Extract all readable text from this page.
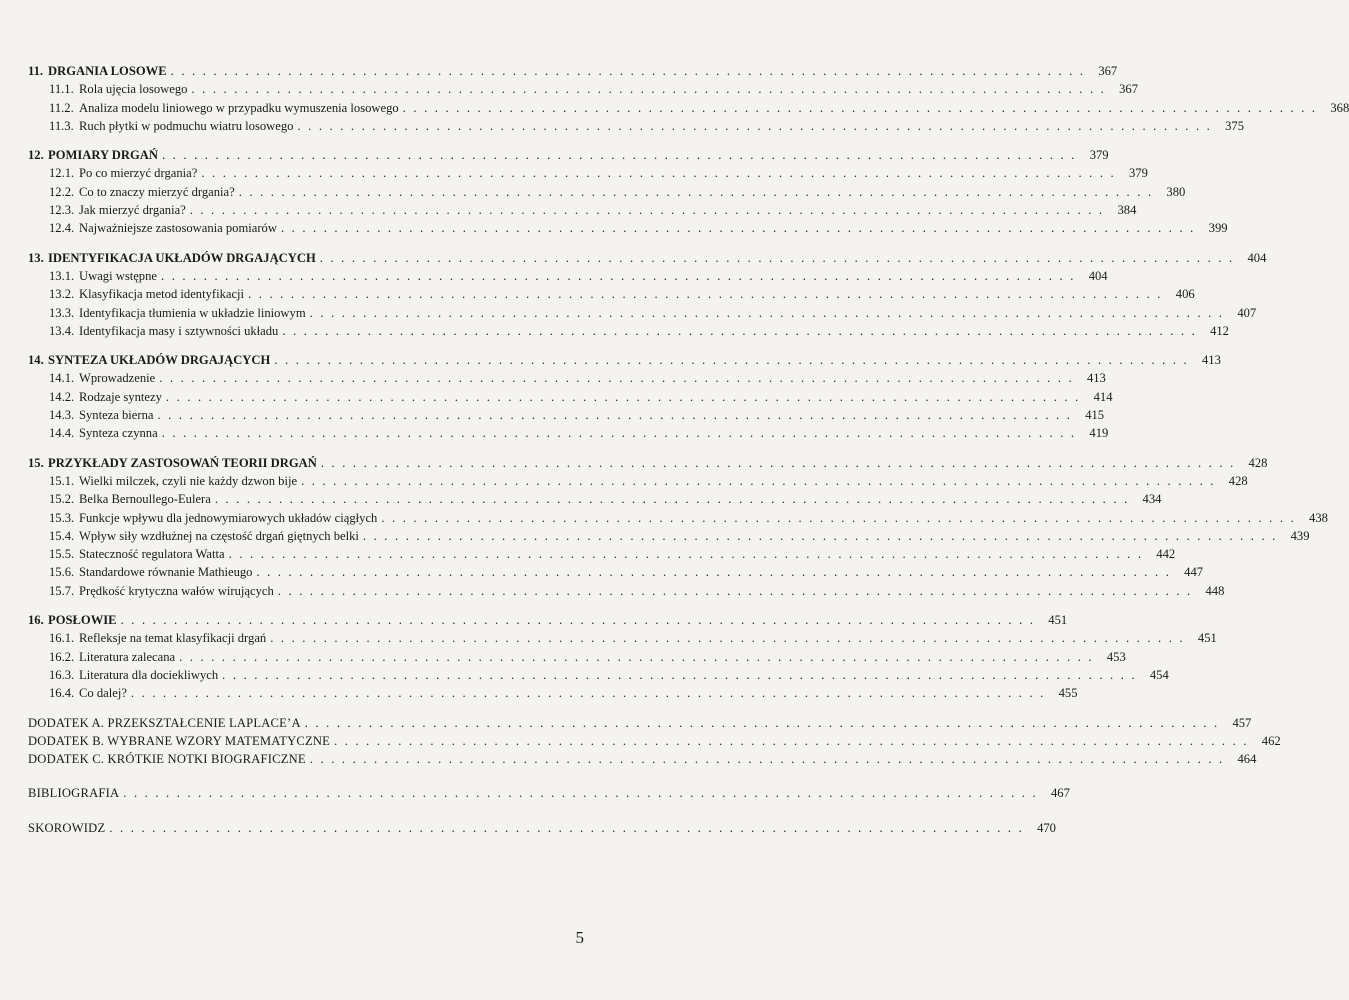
11. DRGANIA LOSOWE . . . . . . . . . . . . . . . . . . . . . . . . . . . . . . . . . . . . . . . . . . . . . . . . . . . . . . . . . . . . . . . . . . . . . . . . . . . . . . . . . . . . . .	367
11.1. Rola ujęcia losowego . . . . . . . . . . . . . . . . . . . . . . . . . . . . . . . . . . . . . . . . . . . . . . . . . . . . . . . . . . . . . . . . . . . . . . . . . . . . . . . . . . . . . .	367
11.2. Analiza modelu liniowego w przypadku wymuszenia losowego . . . . . . . . . . . . . . . . . . . . . . . . . . . . . . . . . . . . . . . . . . . . . . . . . . . . . . . . . . . . . . . . . . . . . . . . . . . . . . . . . . . . . .	368
11.3. Ruch płytki w podmuchu wiatru losowego . . . . . . . . . . . . . . . . . . . . . . . . . . . . . . . . . . . . . . . . . . . . . . . . . . . . . . . . . . . . . . . . . . . . . . . . . . . . . . . . . . . . . .	375
12. POMIARY DRGAŃ . . . . . . . . . . . . . . . . . . . . . . . . . . . . . . . . . . . . . . . . . . . . . . . . . . . . . . . . . . . . . . . . . . . . . . . . . . . . . . . . . . . . . .	379
12.1. Po co mierzyć drgania? . . . . . . . . . . . . . . . . . . . . . . . . . . . . . . . . . . . . . . . . . . . . . . . . . . . . . . . . . . . . . . . . . . . . . . . . . . . . . . . . . . . . . .	379
12.2. Co to znaczy mierzyć drgania? . . . . . . . . . . . . . . . . . . . . . . . . . . . . . . . . . . . . . . . . . . . . . . . . . . . . . . . . . . . . . . . . . . . . . . . . . . . . . . . . . . . . . .	380
12.3. Jak mierzyć drgania? . . . . . . . . . . . . . . . . . . . . . . . . . . . . . . . . . . . . . . . . . . . . . . . . . . . . . . . . . . . . . . . . . . . . . . . . . . . . . . . . . . . . . .	384
12.4. Najważniejsze zastosowania pomiarów . . . . . . . . . . . . . . . . . . . . . . . . . . . . . . . . . . . . . . . . . . . . . . . . . . . . . . . . . . . . . . . . . . . . . . . . . . . . . . . . . . . . . .	399
13. IDENTYFIKACJA UKŁADÓW DRGAJĄCYCH . . . . . . . . . . . . . . . . . . . . . . . . . . . . . . . . . . . . . . . . . . . . . . . . . . . . . . . . . . . . . . . . . . . . . . . . . . . . . . . . . . . . . .	404
13.1. Uwagi wstępne . . . . . . . . . . . . . . . . . . . . . . . . . . . . . . . . . . . . . . . . . . . . . . . . . . . . . . . . . . . . . . . . . . . . . . . . . . . . . . . . . . . . . .	404
13.2. Klasyfikacja metod identyfikacji . . . . . . . . . . . . . . . . . . . . . . . . . . . . . . . . . . . . . . . . . . . . . . . . . . . . . . . . . . . . . . . . . . . . . . . . . . . . . . . . . . . . . .	406
13.3. Identyfikacja tłumienia w układzie liniowym . . . . . . . . . . . . . . . . . . . . . . . . . . . . . . . . . . . . . . . . . . . . . . . . . . . . . . . . . . . . . . . . . . . . . . . . . . . . . . . . . . . . . .	407
13.4. Identyfikacja masy i sztywności układu . . . . . . . . . . . . . . . . . . . . . . . . . . . . . . . . . . . . . . . . . . . . . . . . . . . . . . . . . . . . . . . . . . . . . . . . . . . . . . . . . . . . . .	412
14. SYNTEZA UKŁADÓW DRGAJĄCYCH . . . . . . . . . . . . . . . . . . . . . . . . . . . . . . . . . . . . . . . . . . . . . . . . . . . . . . . . . . . . . . . . . . . . . . . . . . . . . . . . . . . . . .	413
14.1. Wprowadzenie . . . . . . . . . . . . . . . . . . . . . . . . . . . . . . . . . . . . . . . . . . . . . . . . . . . . . . . . . . . . . . . . . . . . . . . . . . . . . . . . . . . . . .	413
14.2. Rodzaje syntezy . . . . . . . . . . . . . . . . . . . . . . . . . . . . . . . . . . . . . . . . . . . . . . . . . . . . . . . . . . . . . . . . . . . . . . . . . . . . . . . . . . . . . .	414
14.3. Synteza bierna . . . . . . . . . . . . . . . . . . . . . . . . . . . . . . . . . . . . . . . . . . . . . . . . . . . . . . . . . . . . . . . . . . . . . . . . . . . . . . . . . . . . . .	415
14.4. Synteza czynna . . . . . . . . . . . . . . . . . . . . . . . . . . . . . . . . . . . . . . . . . . . . . . . . . . . . . . . . . . . . . . . . . . . . . . . . . . . . . . . . . . . . . .	419
15. PRZYKŁADY ZASTOSOWAŃ TEORII DRGAŃ . . . . . . . . . . . . . . . . . . . . . . . . . . . . . . . . . . . . . . . . . . . . . . . . . . . . . . . . . . . . . . . . . . . . . . . . . . . . . . . . . . . . . .	428
15.1. Wielki milczek, czyli nie każdy dzwon bije . . . . . . . . . . . . . . . . . . . . . . . . . . . . . . . . . . . . . . . . . . . . . . . . . . . . . . . . . . . . . . . . . . . . . . . . . . . . . . . . . . . . . .	428
15.2. Belka Bernoullego-Eulera . . . . . . . . . . . . . . . . . . . . . . . . . . . . . . . . . . . . . . . . . . . . . . . . . . . . . . . . . . . . . . . . . . . . . . . . . . . . . . . . . . . . . .	434
15.3. Funkcje wpływu dla jednowymiarowych układów ciągłych . . . . . . . . . . . . . . . . . . . . . . . . . . . . . . . . . . . . . . . . . . . . . . . . . . . . . . . . . . . . . . . . . . . . . . . . . . . . . . . . . . . . . .	438
15.4. Wpływ siły wzdłużnej na częstość drgań giętnych belki . . . . . . . . . . . . . . . . . . . . . . . . . . . . . . . . . . . . . . . . . . . . . . . . . . . . . . . . . . . . . . . . . . . . . . . . . . . . . . . . . . . . . .	439
15.5. Stateczność regulatora Watta . . . . . . . . . . . . . . . . . . . . . . . . . . . . . . . . . . . . . . . . . . . . . . . . . . . . . . . . . . . . . . . . . . . . . . . . . . . . . . . . . . . . . .	442
15.6. Standardowe równanie Mathieugo . . . . . . . . . . . . . . . . . . . . . . . . . . . . . . . . . . . . . . . . . . . . . . . . . . . . . . . . . . . . . . . . . . . . . . . . . . . . . . . . . . . . . .	447
15.7. Prędkość krytyczna wałów wirujących . . . . . . . . . . . . . . . . . . . . . . . . . . . . . . . . . . . . . . . . . . . . . . . . . . . . . . . . . . . . . . . . . . . . . . . . . . . . . . . . . . . . . .	448
16. POSŁOWIE . . . . . . . . . . . . . . . . . . . . . . . . . . . . . . . . . . . . . . . . . . . . . . . . . . . . . . . . . . . . . . . . . . . . . . . . . . . . . . . . . . . . . .	451
16.1. Refleksje na temat klasyfikacji drgań . . . . . . . . . . . . . . . . . . . . . . . . . . . . . . . . . . . . . . . . . . . . . . . . . . . . . . . . . . . . . . . . . . . . . . . . . . . . . . . . . . . . . .	451
16.2. Literatura zalecana . . . . . . . . . . . . . . . . . . . . . . . . . . . . . . . . . . . . . . . . . . . . . . . . . . . . . . . . . . . . . . . . . . . . . . . . . . . . . . . . . . . . . .	453
16.3. Literatura dla dociekliwych . . . . . . . . . . . . . . . . . . . . . . . . . . . . . . . . . . . . . . . . . . . . . . . . . . . . . . . . . . . . . . . . . . . . . . . . . . . . . . . . . . . . . .	454
16.4. Co dalej? . . . . . . . . . . . . . . . . . . . . . . . . . . . . . . . . . . . . . . . . . . . . . . . . . . . . . . . . . . . . . . . . . . . . . . . . . . . . . . . . . . . . . .	455
DODATEK A. PRZEKSZTAŁCENIE LAPLACE’A . . . . . . . . . . . . . . . . . . . . . . . . . . . . . . . . . . . . . . . . . . . . . . . . . . . . . . . . . . . . . . . . . . . . . . . . . . . . . . . . . . . . . .	457
DODATEK B. WYBRANE WZORY MATEMATYCZNE . . . . . . . . . . . . . . . . . . . . . . . . . . . . . . . . . . . . . . . . . . . . . . . . . . . . . . . . . . . . . . . . . . . . . . . . . . . . . . . . . . . . . .	462
DODATEK C. KRÓTKIE NOTKI BIOGRAFICZNE . . . . . . . . . . . . . . . . . . . . . . . . . . . . . . . . . . . . . . . . . . . . . . . . . . . . . . . . . . . . . . . . . . . . . . . . . . . . . . . . . . . . . .	464
BIBLIOGRAFIA . . . . . . . . . . . . . . . . . . . . . . . . . . . . . . . . . . . . . . . . . . . . . . . . . . . . . . . . . . . . . . . . . . . . . . . . . . . . . . . . . . . . . .	467
SKOROWIDZ . . . . . . . . . . . . . . . . . . . . . . . . . . . . . . . . . . . . . . . . . . . . . . . . . . . . . . . . . . . . . . . . . . . . . . . . . . . . . . . . . . . . . .	470
5
